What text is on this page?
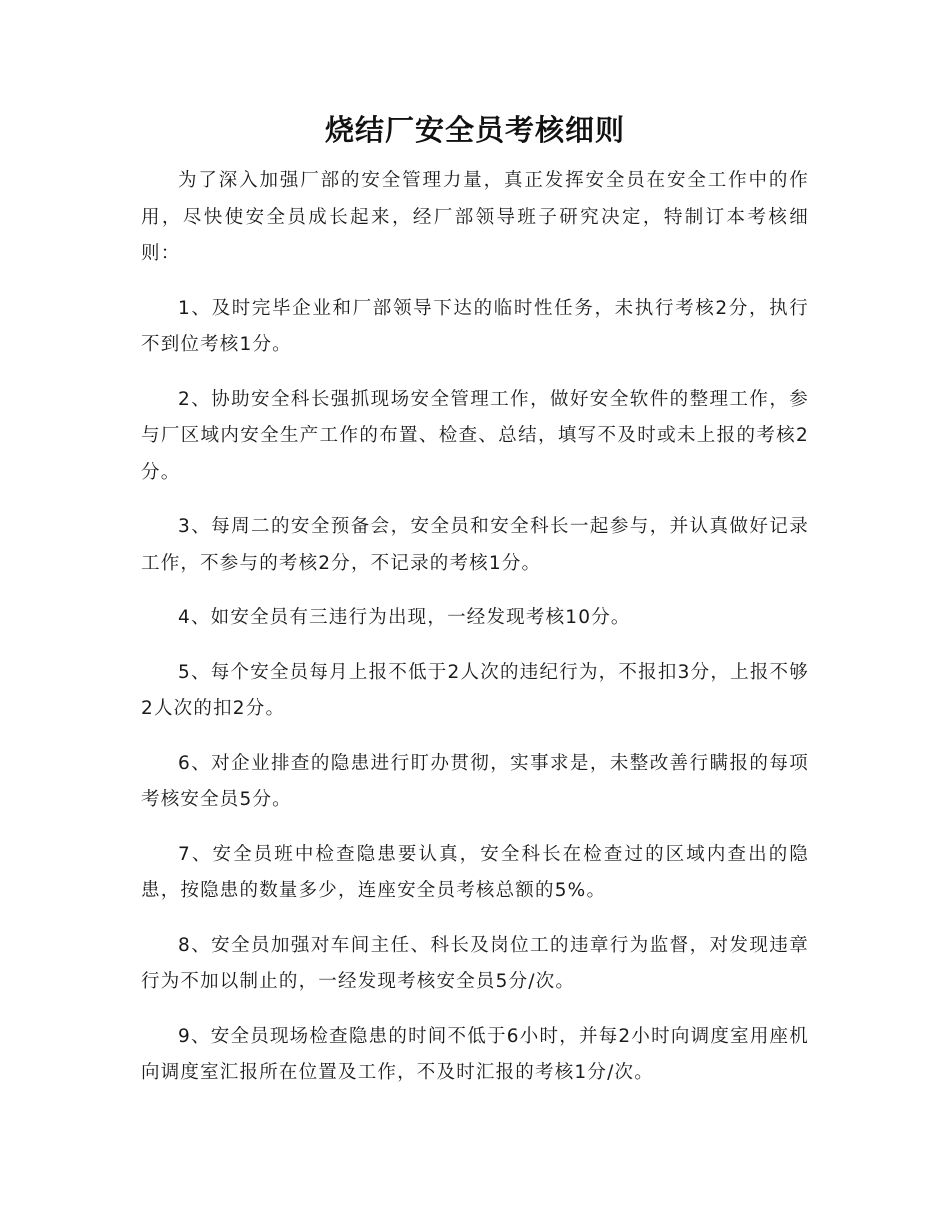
烧结厂安全员考核细则

为了深入加强厂部的安全管理力量，真正发挥安全员在安全工作中的作用，尽快使安全员成长起来，经厂部领导班子研究决定，特制订本考核细则：

1、及时完毕企业和厂部领导下达的临时性任务，未执行考核2分，执行不到位考核1分。

2、协助安全科长强抓现场安全管理工作，做好安全软件的整理工作，参与厂区域内安全生产工作的布置、检查、总结，填写不及时或未上报的考核2分。

3、每周二的安全预备会，安全员和安全科长一起参与，并认真做好记录工作，不参与的考核2分，不记录的考核1分。

4、如安全员有三违行为出现，一经发现考核10分。

5、每个安全员每月上报不低于2人次的违纪行为，不报扣3分，上报不够2人次的扣2分。

6、对企业排查的隐患进行盯办贯彻，实事求是，未整改善行瞒报的每项考核安全员5分。

7、安全员班中检查隐患要认真，安全科长在检查过的区域内查出的隐患，按隐患的数量多少，连座安全员考核总额的5%。

8、安全员加强对车间主任、科长及岗位工的违章行为监督，对发现违章行为不加以制止的，一经发现考核安全员5分/次。

9、安全员现场检查隐患的时间不低于6小时，并每2小时向调度室用座机向调度室汇报所在位置及工作，不及时汇报的考核1分/次。
